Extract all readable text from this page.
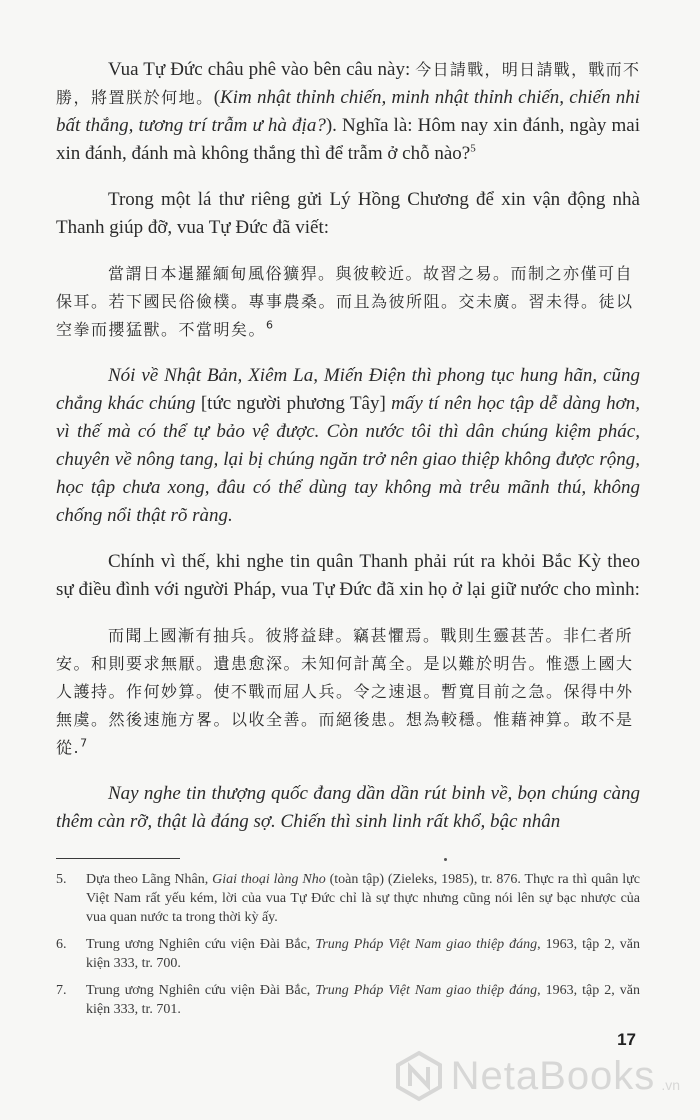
Vua Tự Đức châu phê vào bên câu này: 今日請戰，明日請戰，戰而不勝，將置朕於何地。(Kim nhật thỉnh chiến, minh nhật thỉnh chiến, chiến nhi bất thắng, tương trí trẫm ư hà địa?). Nghĩa là: Hôm nay xin đánh, ngày mai xin đánh, đánh mà không thắng thì để trẫm ở chỗ nào?$^5$

Trong một lá thư riêng gửi Lý Hồng Chương để xin vận động nhà Thanh giúp đỡ, vua Tự Đức đã viết:

當謂日本暹羅緬甸風俗獷猂。與彼較近。故習之易。而制之亦僅可自保耳。若下國民俗儉樸。專事農桑。而且為彼所阻。交未廣。習未得。徒以空拳而攖猛獸。不當明矣。$^6$

Nói về Nhật Bản, Xiêm La, Miến Điện thì phong tục hung hãn, cũng chẳng khác chúng [tức người phương Tây] mấy tí nên học tập dễ dàng hơn, vì thế mà có thể tự bảo vệ được. Còn nước tôi thì dân chúng kiệm phác, chuyên về nông tang, lại bị chúng ngăn trở nên giao thiệp không được rộng, học tập chưa xong, đâu có thể dùng tay không mà trêu mãnh thú, không chống nổi thật rõ ràng.

Chính vì thế, khi nghe tin quân Thanh phải rút ra khỏi Bắc Kỳ theo sự điều đình với người Pháp, vua Tự Đức đã xin họ ở lại giữ nước cho mình:

而聞上國漸有抽兵。彼將益肆。竊甚懼焉。戰則生靈甚苦。非仁者所安。和則要求無厭。遺患愈深。未知何計萬全。是以難於明告。惟憑上國大人護持。作何妙算。使不戰而屈人兵。令之速退。暫寬目前之急。保得中外無虞。然後速施方畧。以收全善。而絕後患。想為較穩。惟藉神算。敢不是從.$^7$

Nay nghe tin thượng quốc đang dần dần rút binh về, bọn chúng càng thêm càn rỡ, thật là đáng sợ. Chiến thì sinh linh rất khổ, bậc nhân

5.	Dựa theo Lãng Nhân, Giai thoại làng Nho (toàn tập) (Zieleks, 1985), tr. 876. Thực ra thì quân lực Việt Nam rất yếu kém, lời của vua Tự Đức chỉ là sự thực nhưng cũng nói lên sự bạc nhược của vua quan nước ta trong thời kỳ ấy.
6.	Trung ương Nghiên cứu viện Đài Bắc, Trung Pháp Việt Nam giao thiệp đáng, 1963, tập 2, văn kiện 333, tr. 700.
7.	Trung ương Nghiên cứu viện Đài Bắc, Trung Pháp Việt Nam giao thiệp đáng, 1963, tập 2, văn kiện 333, tr. 701.
17
NetaBooks .vn
